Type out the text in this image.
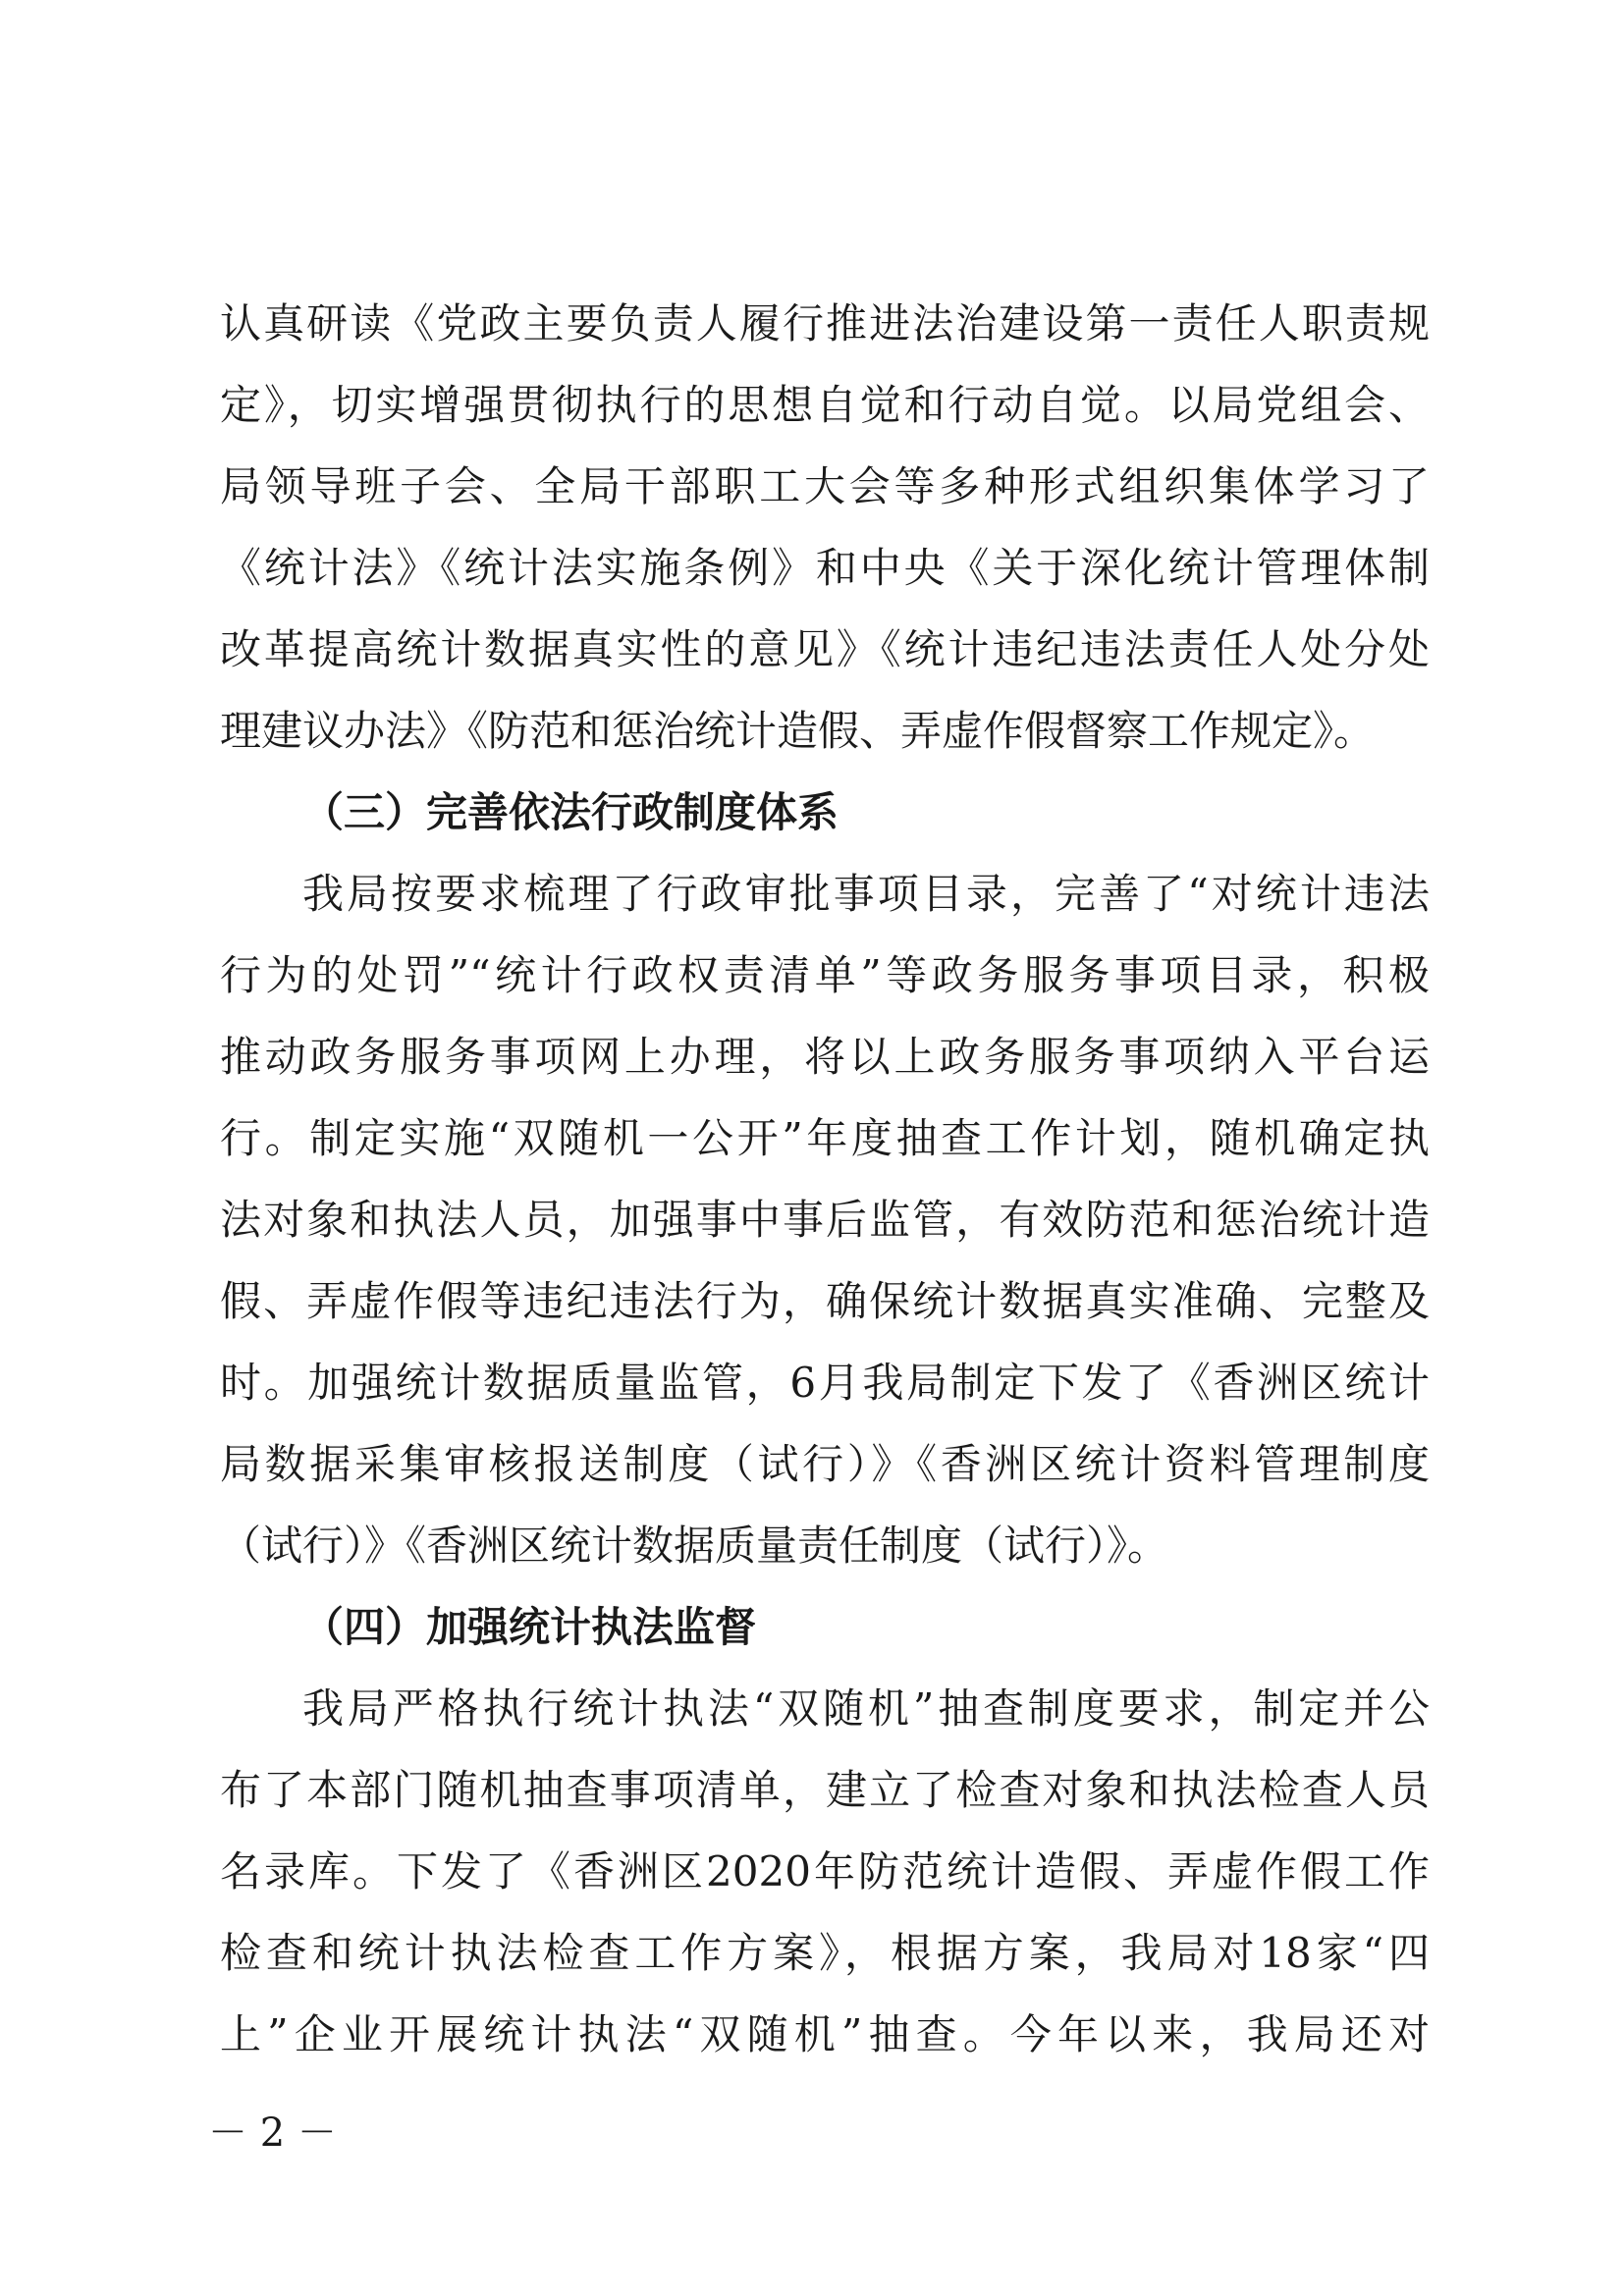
认真研读《党政主要负责人履行推进法治建设第一责任人职责规
定》，切实增强贯彻执行的思想自觉和行动自觉。以局党组会、
局领导班子会、全局干部职工大会等多种形式组织集体学习了
《统计法》《统计法实施条例》和中央《关于深化统计管理体制
改革提高统计数据真实性的意见》《统计违纪违法责任人处分处
理建议办法》《防范和惩治统计造假、弄虚作假督察工作规定》。
（三）完善依法行政制度体系
我局按要求梳理了行政审批事项目录，完善了“对统计违法
行为的处罚”“统计行政权责清单”等政务服务事项目录，积极
推动政务服务事项网上办理，将以上政务服务事项纳入平台运
行。制定实施“双随机一公开”年度抽查工作计划，随机确定执
法对象和执法人员，加强事中事后监管，有效防范和惩治统计造
假、弄虚作假等违纪违法行为，确保统计数据真实准确、完整及
时。加强统计数据质量监管，6月我局制定下发了《香洲区统计
局数据采集审核报送制度（试行）》《香洲区统计资料管理制度
（试行）》《香洲区统计数据质量责任制度（试行）》。
（四）加强统计执法监督
我局严格执行统计执法“双随机”抽查制度要求，制定并公
布了本部门随机抽查事项清单，建立了检查对象和执法检查人员
名录库。下发了《香洲区2020年防范统计造假、弄虚作假工作
检查和统计执法检查工作方案》，根据方案，我局对18家“四
上”企业开展统计执法“双随机”抽查。今年以来，我局还对
－ 2 －
